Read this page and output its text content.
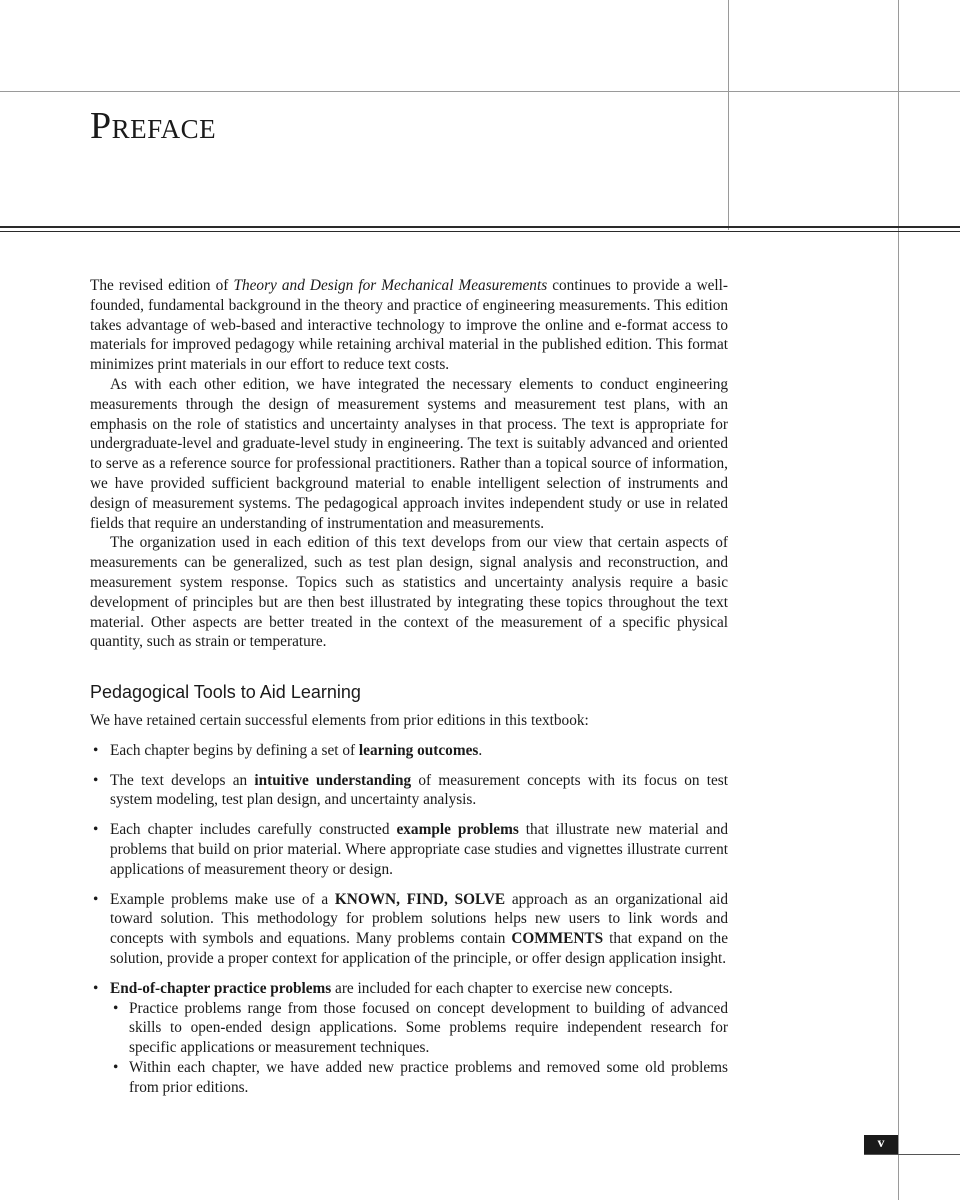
Preface

The revised edition of Theory and Design for Mechanical Measurements continues to provide a well-founded, fundamental background in the theory and practice of engineering measurements. This edition takes advantage of web-based and interactive technology to improve the online and e-format access to materials for improved pedagogy while retaining archival material in the published edition. This format minimizes print materials in our effort to reduce text costs.

As with each other edition, we have integrated the necessary elements to conduct engineering measurements through the design of measurement systems and measurement test plans, with an emphasis on the role of statistics and uncertainty analyses in that process. The text is appropriate for undergraduate-level and graduate-level study in engineering. The text is suitably advanced and oriented to serve as a reference source for professional practitioners. Rather than a topical source of information, we have provided sufficient background material to enable intelligent selection of instruments and design of measurement systems. The pedagogical approach invites independent study or use in related fields that require an understanding of instrumentation and measurements.

The organization used in each edition of this text develops from our view that certain aspects of measurements can be generalized, such as test plan design, signal analysis and reconstruction, and measurement system response. Topics such as statistics and uncertainty analysis require a basic development of principles but are then best illustrated by integrating these topics throughout the text material. Other aspects are better treated in the context of the measurement of a specific physical quantity, such as strain or temperature.

Pedagogical Tools to Aid Learning

We have retained certain successful elements from prior editions in this textbook:

• Each chapter begins by defining a set of learning outcomes.
• The text develops an intuitive understanding of measurement concepts with its focus on test system modeling, test plan design, and uncertainty analysis.
• Each chapter includes carefully constructed example problems that illustrate new material and problems that build on prior material. Where appropriate case studies and vignettes illustrate current applications of measurement theory or design.
• Example problems make use of a KNOWN, FIND, SOLVE approach as an organizational aid toward solution. This methodology for problem solutions helps new users to link words and concepts with symbols and equations. Many problems contain COMMENTS that expand on the solution, provide a proper context for application of the principle, or offer design application insight.
• End-of-chapter practice problems are included for each chapter to exercise new concepts.
• Practice problems range from those focused on concept development to building of advanced skills to open-ended design applications. Some problems require independent research for specific applications or measurement techniques.
• Within each chapter, we have added new practice problems and removed some old problems from prior editions.
v
